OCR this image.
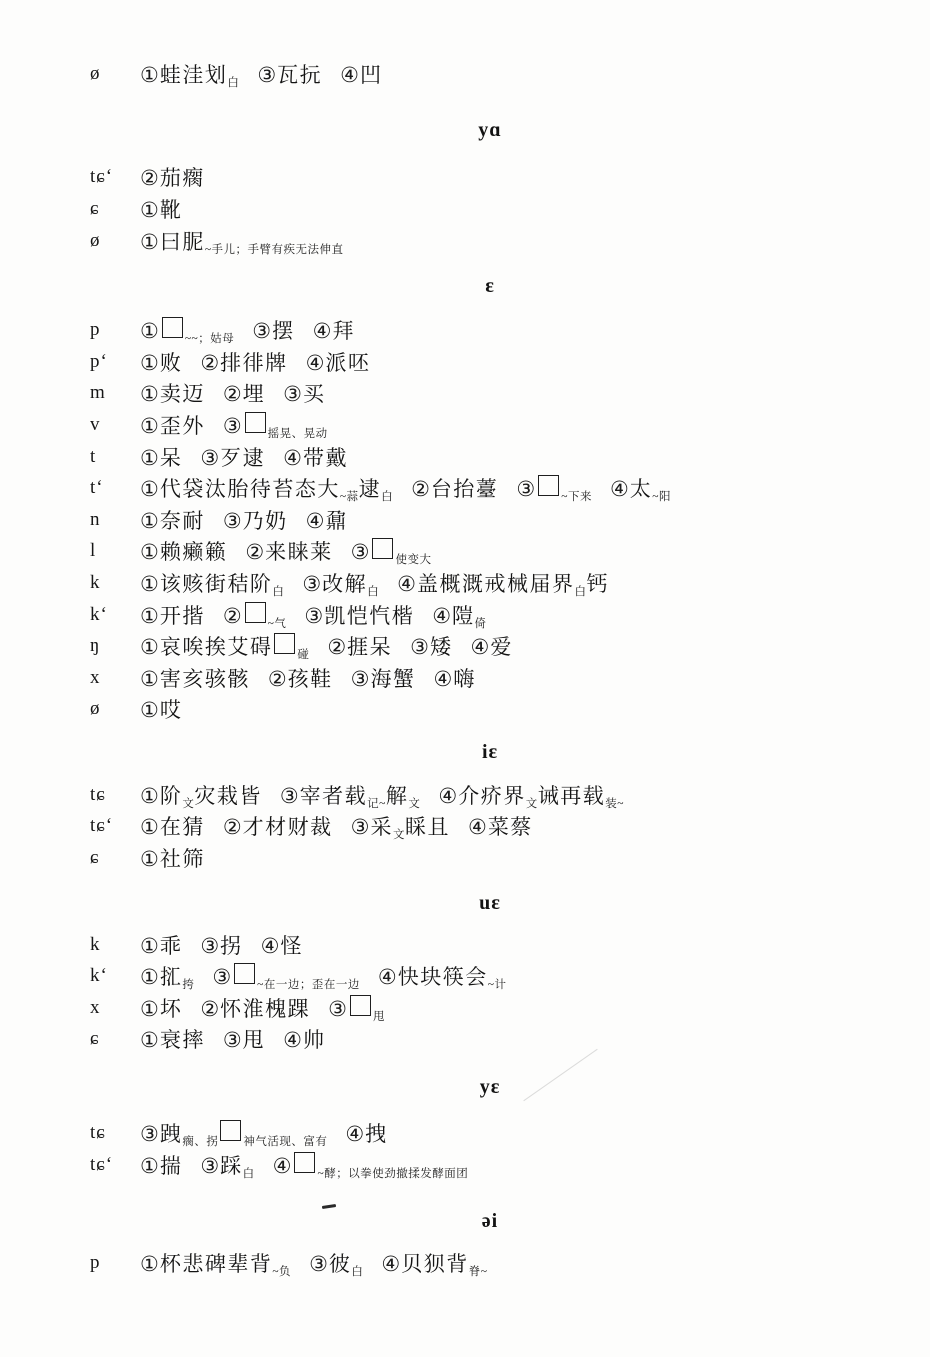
ø	① 蛙洼划 白 ③ 瓦抏 ④ 凹
yɑ
tɕʻ	② 茄瘸
ɕ	① 靴
ø	① 曰胒 ~手儿；手臂有疾无法伸直
ɛ
p	① ~~；姑母 ③ 摆 ④ 拜
pʻ	① 败 ② 排徘牌 ④ 派呸
m	① 卖迈 ② 埋 ③ 买
v	① 歪外 ③ 摇晃、晃动
t	① 呆 ③ 歹逮 ④ 带戴
tʻ	① 代袋汰胎待苔态大 ~蒜 逮 白 ② 台抬薹 ③ ~下来 ④ 太 ~阳
n	① 奈耐 ③ 乃奶 ④ 鼐
l	① 赖癞籁 ② 来睐莱 ③ 使变大
k	① 该赅街秸阶 白 ③ 改解 白 ④ 盖概溉戒械届界 白 钙
kʻ	① 开揩 ② ~气 ③ 凯恺忾楷 ④ 隑 倚
ŋ	① 哀唉挨艾碍 碰 ② 捱呆 ③ 矮 ④ 爱
x	① 害亥骇骸 ② 孩鞋 ③ 海蟹 ④ 嗨
ø	① 哎
iɛ
tɕ	① 阶 文 灾栽皆 ③ 宰者载 记~ 解 文 ④ 介疥界 文 诫再载 装~
tɕʻ	① 在猜 ② 才材财裁 ③ 采 文 睬且 ④ 菜蔡
ɕ	① 社筛
uɛ
k	① 乖 ③ 拐 ④ 怪
kʻ	① 㧟 挎 ③ ~在一边；歪在一边 ④ 快块筷会 ~计
x	① 坏 ② 怀淮槐踝 ③ 甩
ɕ	① 衰摔 ③ 甩 ④ 帅
yɛ
tɕ	③ 跩 瘸、拐 神气活现、富有 ④ 拽
tɕʻ	① 揣 ③ 踩 白 ④ ~酵；以拳使劲撤揉发酵面团
əi
p	① 杯悲碑辈背 ~负 ③ 彼 白 ④ 贝狈背 脊~
